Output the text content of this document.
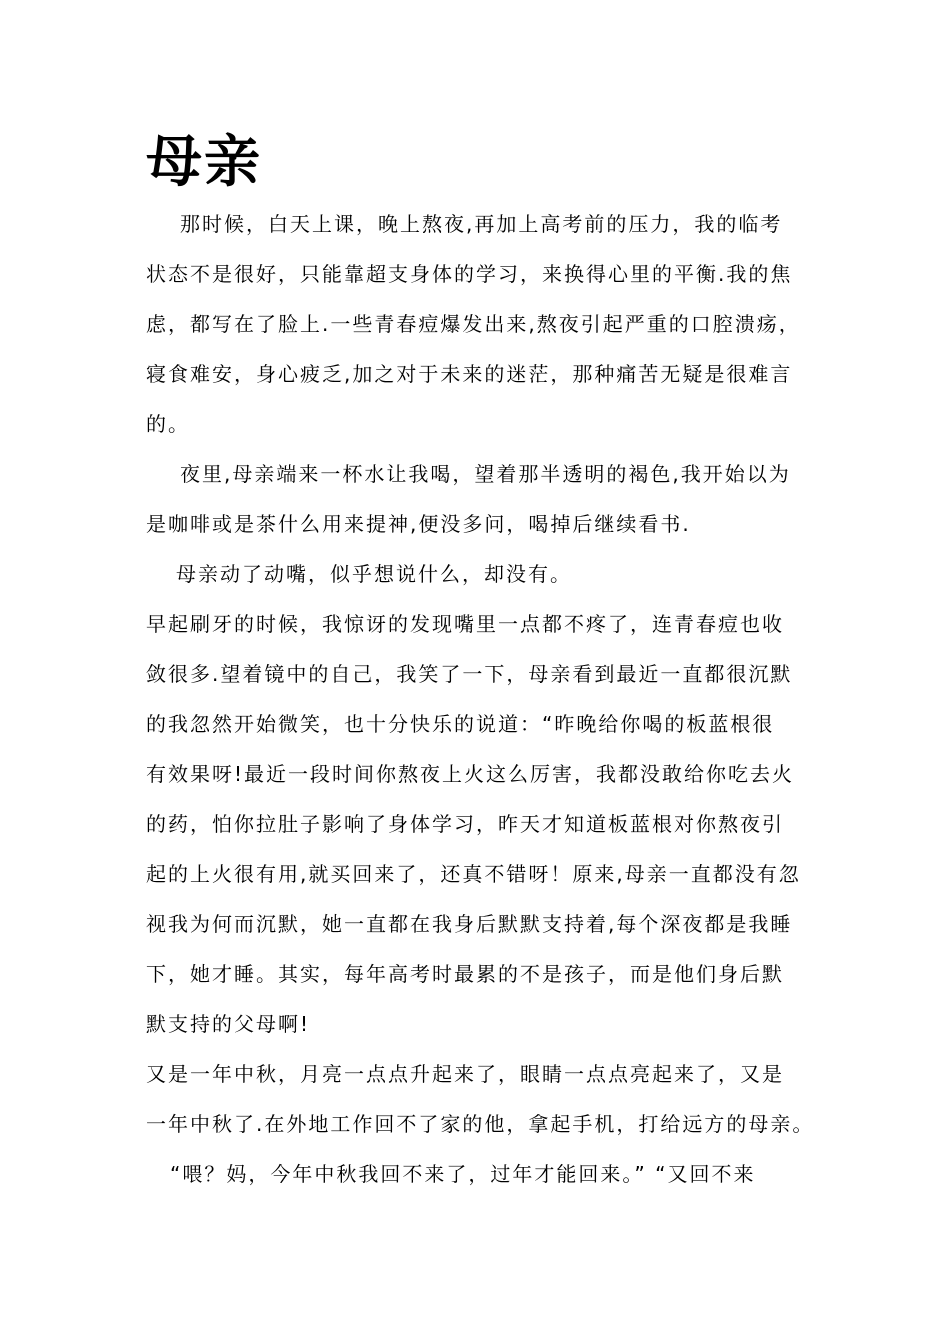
母亲
那时候，白天上课，晚上熬夜,再加上高考前的压力，我的临考
状态不是很好，只能靠超支身体的学习，来换得心里的平衡.我的焦
虑，都写在了脸上.一些青春痘爆发出来,熬夜引起严重的口腔溃疡，
寝食难安，身心疲乏,加之对于未来的迷茫，那种痛苦无疑是很难言
的。
夜里,母亲端来一杯水让我喝，望着那半透明的褐色,我开始以为
是咖啡或是茶什么用来提神,便没多问，喝掉后继续看书.
母亲动了动嘴，似乎想说什么，却没有。
早起刷牙的时候，我惊讶的发现嘴里一点都不疼了，连青春痘也收
敛很多.望着镜中的自己，我笑了一下，母亲看到最近一直都很沉默
的我忽然开始微笑，也十分快乐的说道：“昨晚给你喝的板蓝根很
有效果呀!最近一段时间你熬夜上火这么厉害，我都没敢给你吃去火
的药，怕你拉肚子影响了身体学习，昨天才知道板蓝根对你熬夜引
起的上火很有用,就买回来了，还真不错呀！原来,母亲一直都没有忽
视我为何而沉默，她一直都在我身后默默支持着,每个深夜都是我睡
下，她才睡。其实，每年高考时最累的不是孩子，而是他们身后默
默支持的父母啊!
又是一年中秋，月亮一点点升起来了，眼睛一点点亮起来了，又是
一年中秋了.在外地工作回不了家的他，拿起手机，打给远方的母亲。
“喂？妈，今年中秋我回不来了，过年才能回来。” “又回不来
